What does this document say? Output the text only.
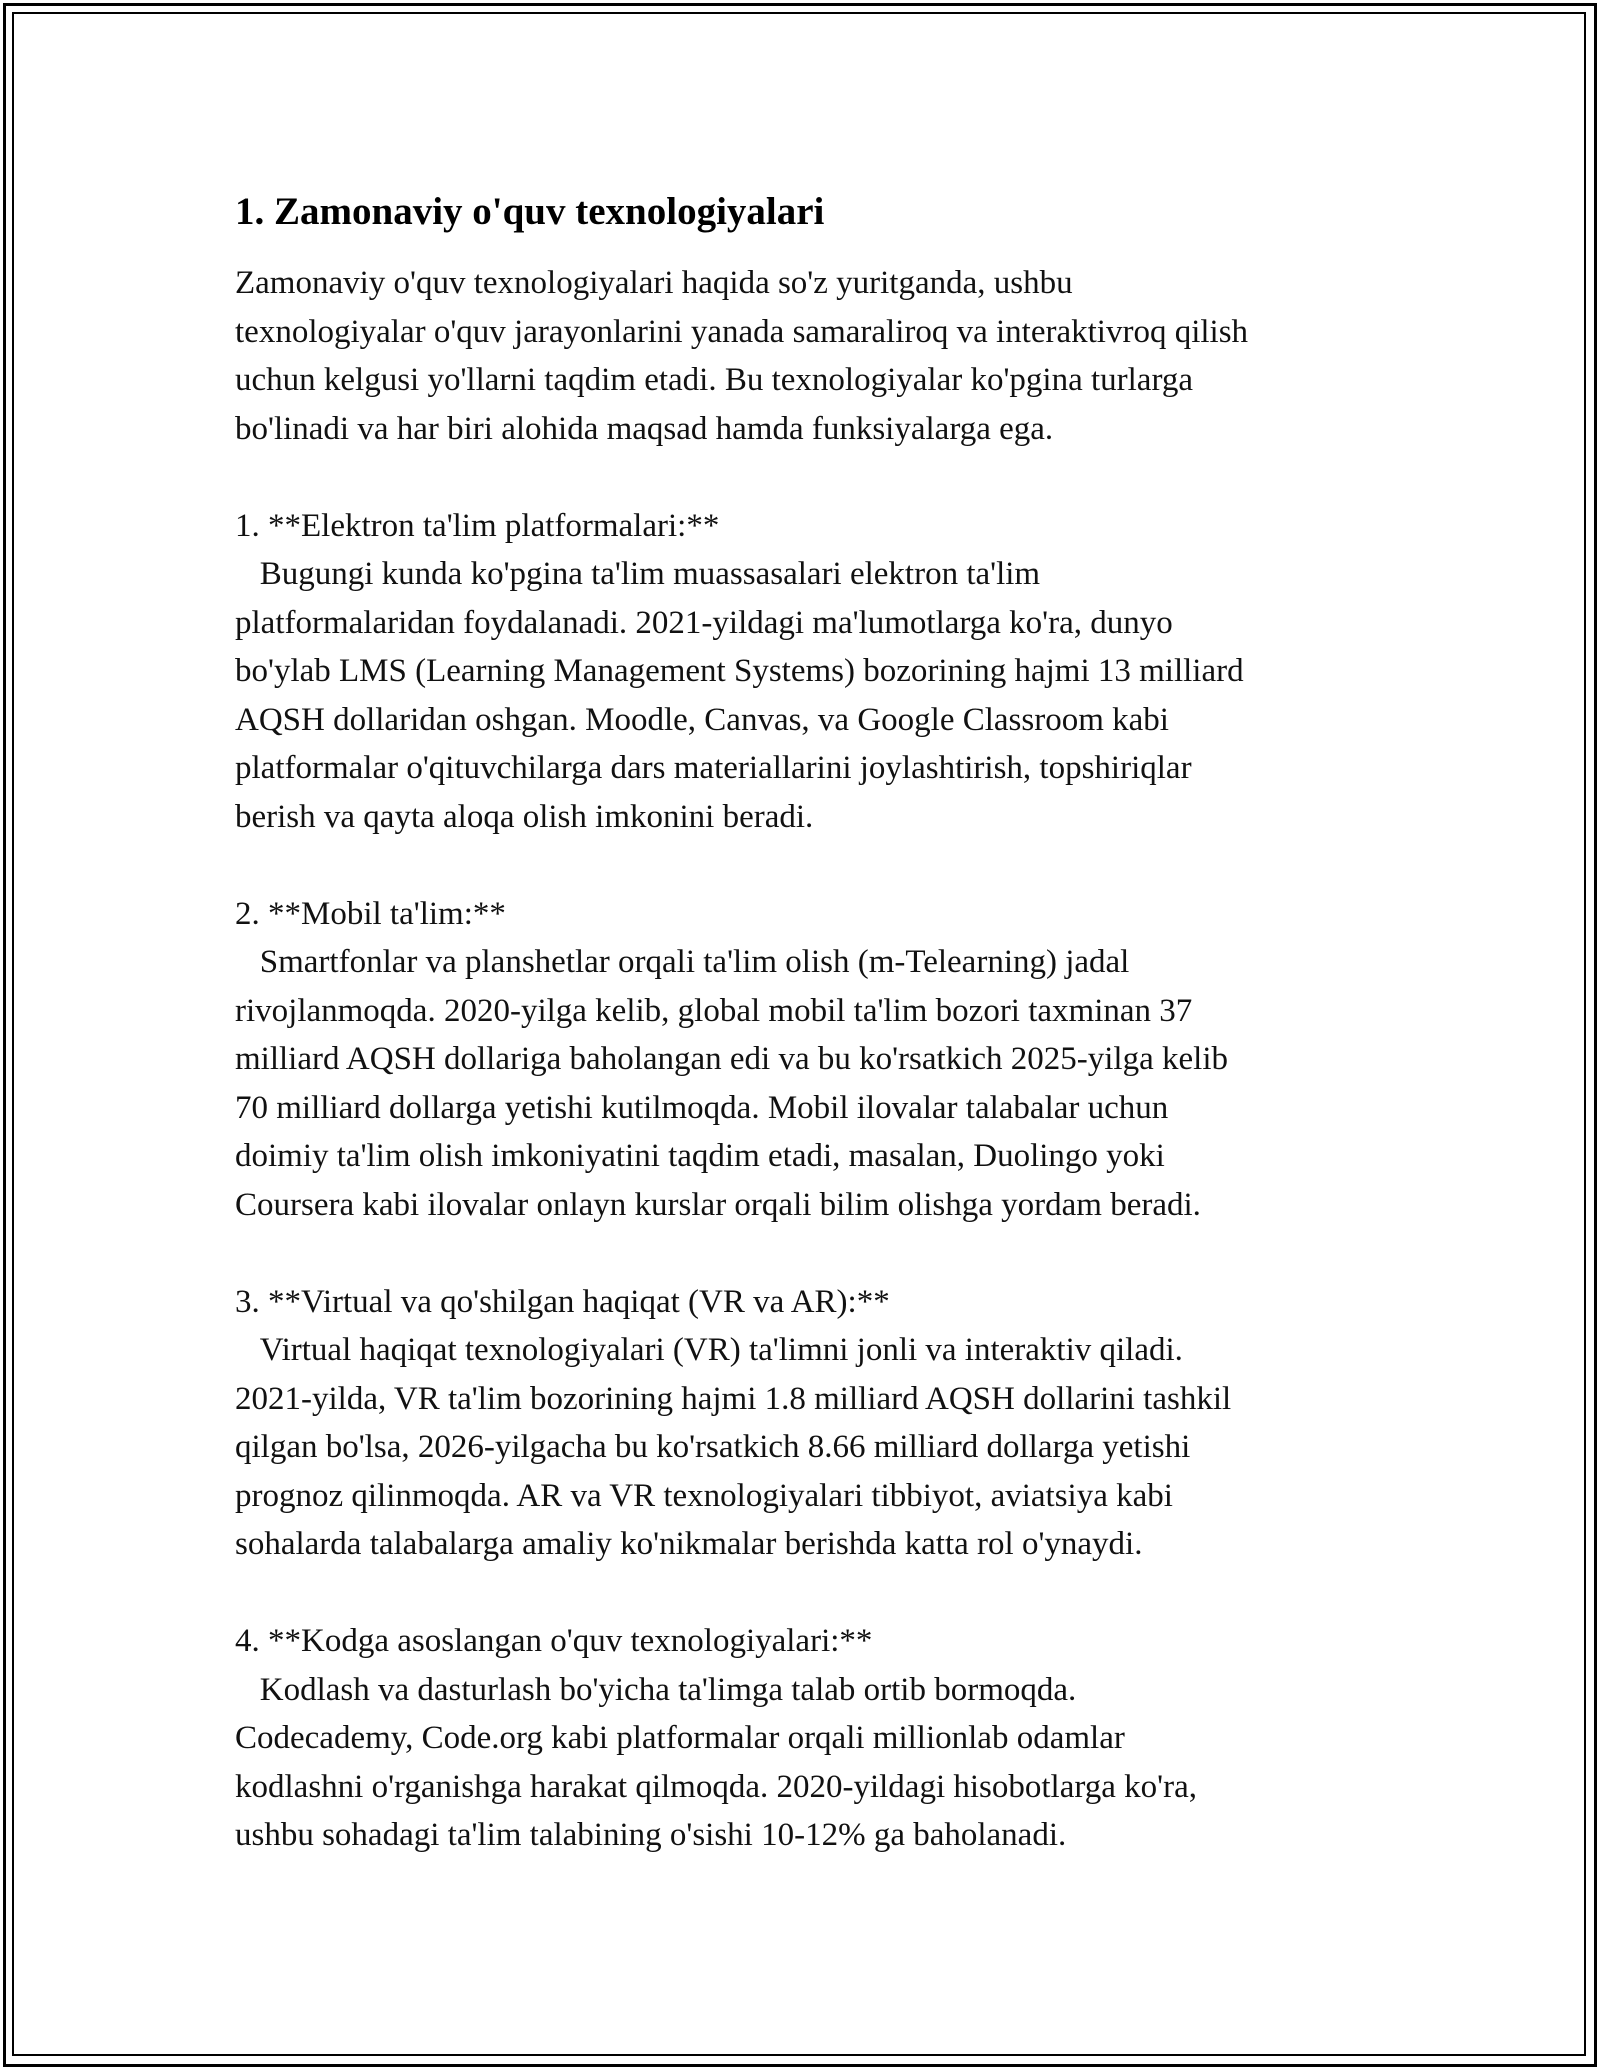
1. Zamonaviy o'quv texnologiyalari

Zamonaviy o'quv texnologiyalari haqida so'z yuritganda, ushbu
texnologiyalar o'quv jarayonlarini yanada samaraliroq va interaktivroq qilish
uchun kelgusi yo'llarni taqdim etadi. Bu texnologiyalar ko'pgina turlarga
bo'linadi va har biri alohida maqsad hamda funksiyalarga ega.

1. **Elektron ta'lim platformalari:**

Bugungi kunda ko'pgina ta'lim muassasalari elektron ta'lim
platformalaridan foydalanadi. 2021-yildagi ma'lumotlarga ko'ra, dunyo
bo'ylab LMS (Learning Management Systems) bozorining hajmi 13 milliard
AQSH dollaridan oshgan. Moodle, Canvas, va Google Classroom kabi
platformalar o'qituvchilarga dars materiallarini joylashtirish, topshiriqlar
berish va qayta aloqa olish imkonini beradi.

2. **Mobil ta'lim:**

Smartfonlar va planshetlar orqali ta'lim olish (m-Telearning) jadal
rivojlanmoqda. 2020-yilga kelib, global mobil ta'lim bozori taxminan 37
milliard AQSH dollariga baholangan edi va bu ko'rsatkich 2025-yilga kelib
70 milliard dollarga yetishi kutilmoqda. Mobil ilovalar talabalar uchun
doimiy ta'lim olish imkoniyatini taqdim etadi, masalan, Duolingo yoki
Coursera kabi ilovalar onlayn kurslar orqali bilim olishga yordam beradi.

3. **Virtual va qo'shilgan haqiqat (VR va AR):**

Virtual haqiqat texnologiyalari (VR) ta'limni jonli va interaktiv qiladi.
2021-yilda, VR ta'lim bozorining hajmi 1.8 milliard AQSH dollarini tashkil
qilgan bo'lsa, 2026-yilgacha bu ko'rsatkich 8.66 milliard dollarga yetishi
prognoz qilinmoqda. AR va VR texnologiyalari tibbiyot, aviatsiya kabi
sohalarda talabalarga amaliy ko'nikmalar berishda katta rol o'ynaydi.

4. **Kodga asoslangan o'quv texnologiyalari:**

Kodlash va dasturlash bo'yicha ta'limga talab ortib bormoqda.
Codecademy, Code.org kabi platformalar orqali millionlab odamlar
kodlashni o'rganishga harakat qilmoqda. 2020-yildagi hisobotlarga ko'ra,
ushbu sohadagi ta'lim talabining o'sishi 10-12% ga baholanadi.
